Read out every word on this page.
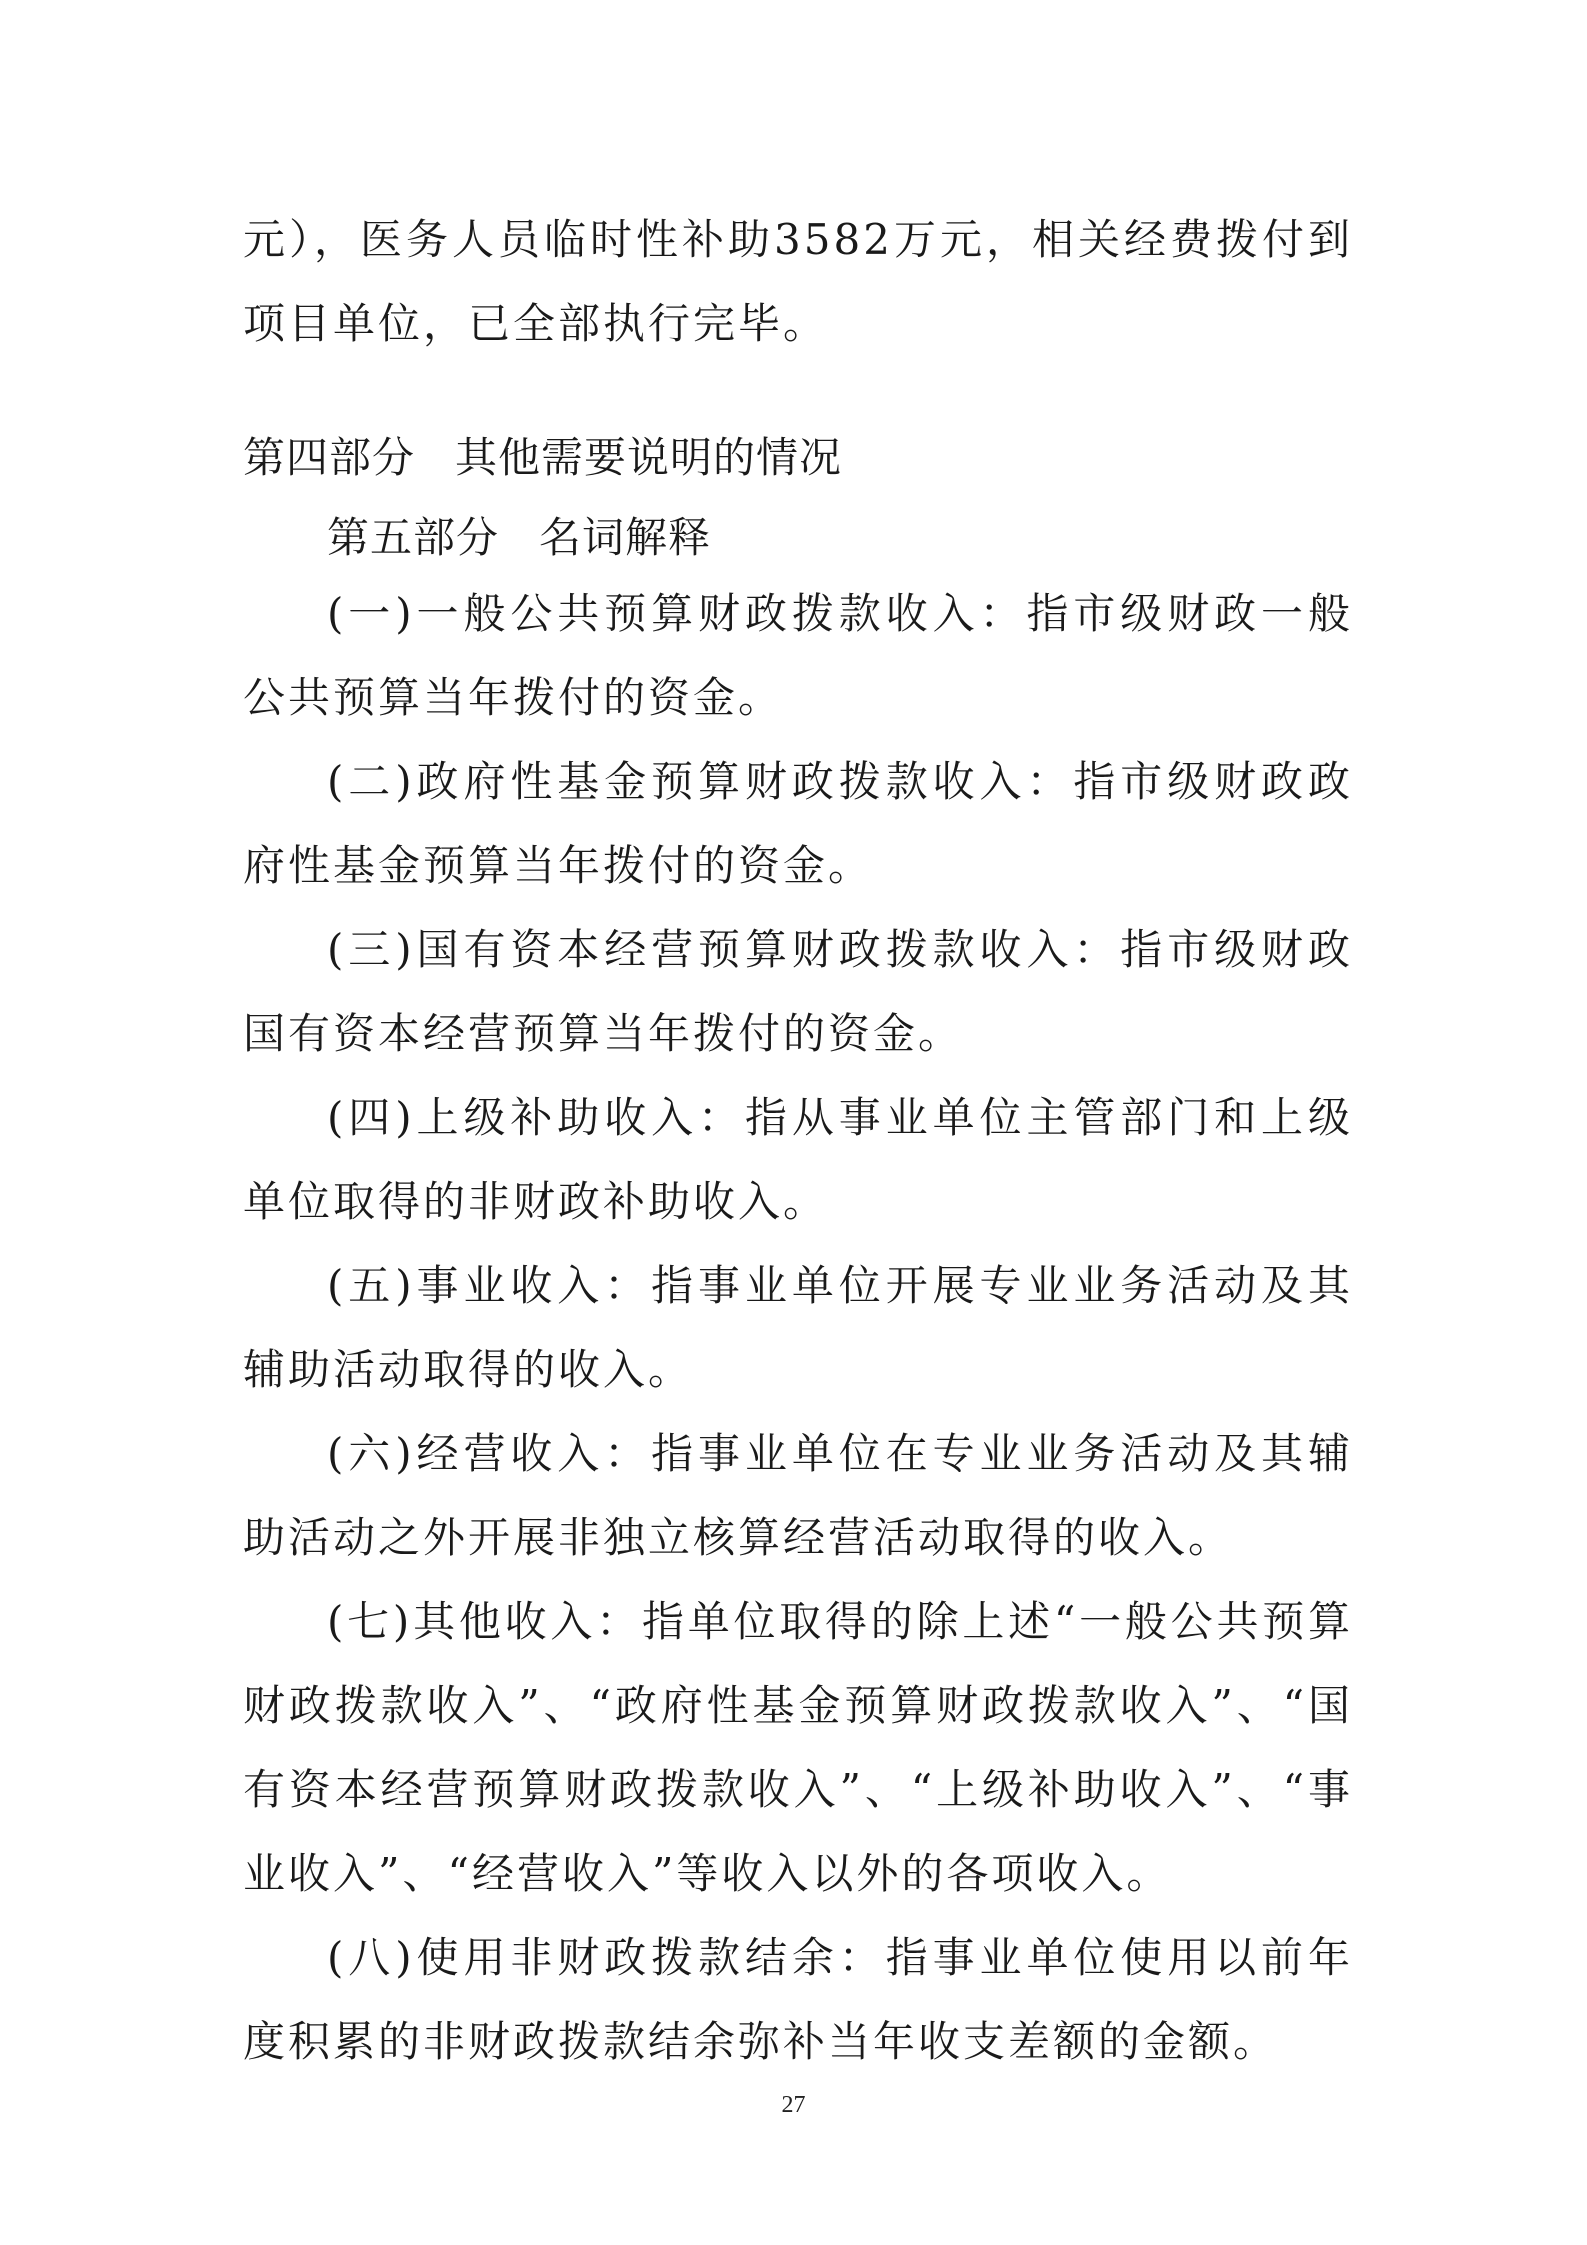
元），医务人员临时性补助3582万元，相关经费拨付到项目单位，已全部执行完毕。

第四部分 其他需要说明的情况
第五部分 名词解释
(一)一般公共预算财政拨款收入：指市级财政一般公共预算当年拨付的资金。
(二)政府性基金预算财政拨款收入：指市级财政政府性基金预算当年拨付的资金。
(三)国有资本经营预算财政拨款收入：指市级财政国有资本经营预算当年拨付的资金。
(四)上级补助收入：指从事业单位主管部门和上级单位取得的非财政补助收入。
(五)事业收入：指事业单位开展专业业务活动及其辅助活动取得的收入。
(六)经营收入：指事业单位在专业业务活动及其辅助活动之外开展非独立核算经营活动取得的收入。
(七)其他收入：指单位取得的除上述“一般公共预算财政拨款收入”、“政府性基金预算财政拨款收入”、“国有资本经营预算财政拨款收入”、“上级补助收入”、“事业收入”、“经营收入”等收入以外的各项收入。
(八)使用非财政拨款结余：指事业单位使用以前年度积累的非财政拨款结余弥补当年收支差额的金额。
27
